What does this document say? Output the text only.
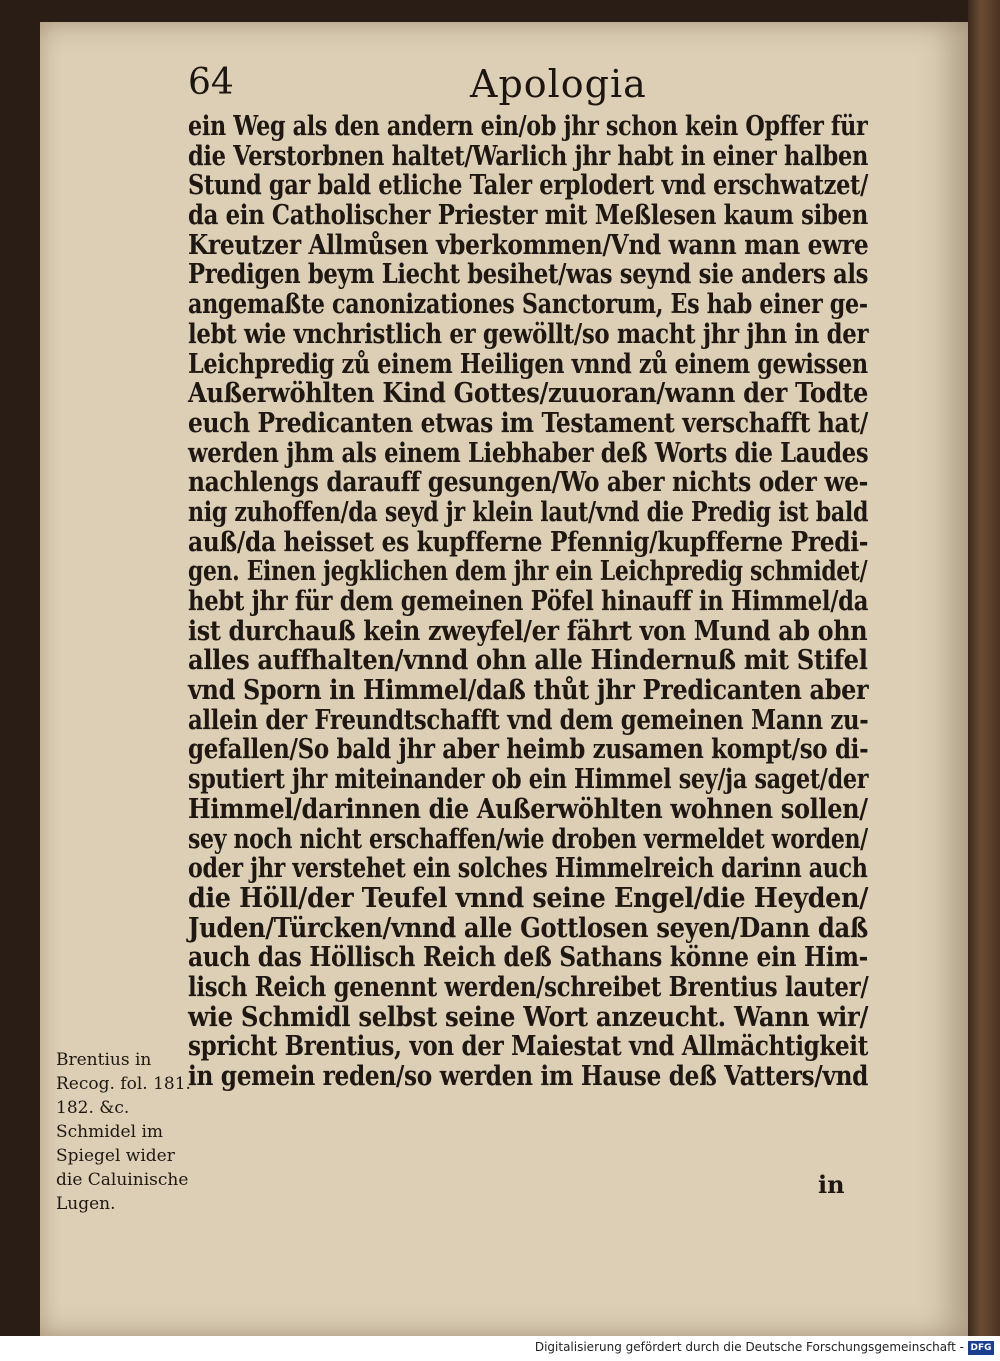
64	Apologia
ein Weg als den andern ein/ob jhr schon kein Opffer für
die Verstorbnen haltet/Warlich jhr habt in einer halben
Stund gar bald etliche Taler erplodert vnd erschwatzet/
da ein Catholischer Priester mit Meßlesen kaum siben
Kreutzer Allmůsen vberkommen/Vnd wann man ewre
Predigen beym Liecht besihet/was seynd sie anders als
angemaßte canonizationes Sanctorum, Es hab einer ge-
lebt wie vnchristlich er gewöllt/so macht jhr jhn in der
Leichpredig zů einem Heiligen vnnd zů einem gewissen
Außerwöhlten Kind Gottes/zuuoran/wann der Todte
euch Predicanten etwas im Testament verschafft hat/
werden jhm als einem Liebhaber deß Worts die Laudes
nachlengs darauff gesungen/Wo aber nichts oder we-
nig zuhoffen/da seyd jr klein laut/vnd die Predig ist bald
auß/da heisset es kupfferne Pfennig/kupfferne Predi-
gen. Einen jegklichen dem jhr ein Leichpredig schmidet/
hebt jhr für dem gemeinen Pöfel hinauff in Himmel/da
ist durchauß kein zweyfel/er fährt von Mund ab ohn
alles auffhalten/vnnd ohn alle Hindernuß mit Stifel
vnd Sporn in Himmel/daß thůt jhr Predicanten aber
allein der Freundtschafft vnd dem gemeinen Mann zu-
gefallen/So bald jhr aber heimb zusamen kompt/so di-
sputiert jhr miteinander ob ein Himmel sey/ja saget/der
Himmel/darinnen die Außerwöhlten wohnen sollen/
sey noch nicht erschaffen/wie droben vermeldet worden/
oder jhr verstehet ein solches Himmelreich darinn auch
die Höll/der Teufel vnnd seine Engel/die Heyden/
Juden/Türcken/vnnd alle Gottlosen seyen/Dann daß
auch das Höllisch Reich deß Sathans könne ein Him-
lisch Reich genennt werden/schreibet Brentius lauter/
wie Schmidl selbst seine Wort anzeucht. Wann wir/
spricht Brentius, von der Maiestat vnd Allmächtigkeit
in gemein reden/so werden im Hause deß Vatters/vnd
in
Brentius in
Recog. fol. 181.
182. &c.
Schmidel im
Spiegel wider
die Caluinische
Lugen.
Digitalisierung gefördert durch die Deutsche Forschungsgemeinschaft - DFG
